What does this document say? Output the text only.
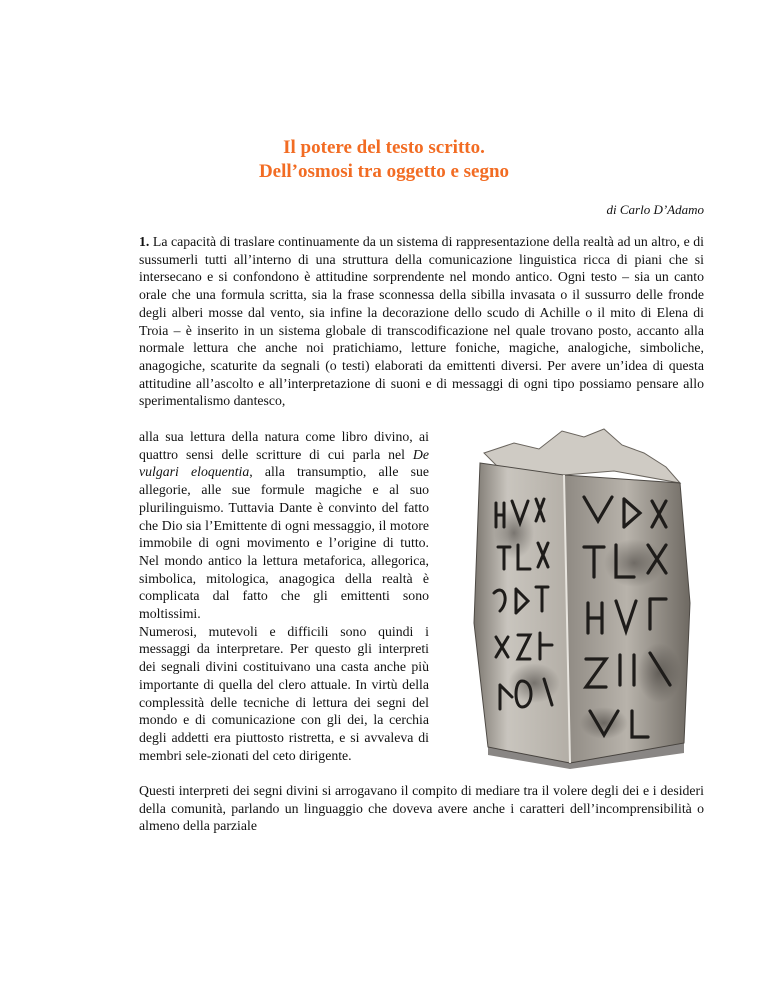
Il potere del testo scritto.
Dell’osmosi tra oggetto e segno
di Carlo D’Adamo

1. La capacità di traslare continuamente da un sistema di rappresentazione della realtà ad un altro, e di sussumerli tutti all’interno di una struttura della comunicazione linguistica ricca di piani che si intersecano e si confondono è attitudine sorprendente nel mondo antico. Ogni testo – sia un canto orale che una formula scritta, sia la frase sconnessa della sibilla invasata o il sussurro delle fronde degli alberi mosse dal vento, sia infine la decorazione dello scudo di Achille o il mito di Elena di Troia – è inserito in un sistema globale di transcodificazione nel quale trovano posto, accanto alla normale lettura che anche noi pratichiamo, letture foniche, magiche, analogiche, simboliche, anagogiche, scaturite da segnali (o testi) elaborati da emittenti diversi. Per avere un’idea di questa attitudine all’ascolto e all’interpretazione di suoni e di messaggi di ogni tipo possiamo pensare allo sperimentalismo dantesco,

alla sua lettura della natura come libro divino, ai quattro sensi delle scritture di cui parla nel De vulgari eloquentia, alla transumptio, alle sue allegorie, alle sue formule magiche e al suo plurilinguismo. Tuttavia Dante è convinto del fatto che Dio sia l’Emittente di ogni messaggio, il motore immobile di ogni movimento e l’origine di tutto. Nel mondo antico la lettura metaforica, allegorica, simbolica, mitologica, anagogica della realtà è complicata dal fatto che gli emittenti sono moltissimi.

Numerosi, mutevoli e difficili sono quindi i messaggi da interpretare. Per questo gli interpreti dei segnali divini costituivano una casta anche più importante di quella del clero attuale. In virtù della complessità delle tecniche di lettura dei segni del mondo e di comunicazione con gli dei, la cerchia degli addetti era piuttosto ristretta, e si avvaleva di membri sele-zionati del ceto dirigente.

Questi interpreti dei segni divini si arrogavano il compito di mediare tra il volere degli dei e i desideri della comunità, parlando un linguaggio che doveva avere anche i caratteri dell’incomprensibilità o almeno della parziale
